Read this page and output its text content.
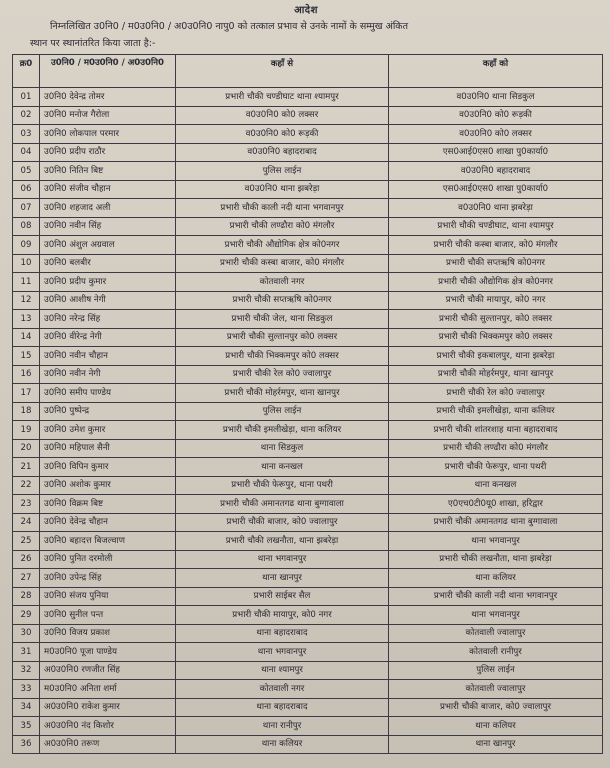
आदेश
निम्नलिखित उ0नि0 / म0उ0नि0 / अ0उ0नि0 नापु0 को तत्काल प्रभाव से उनके नामों के सम्मुख अंकित
स्थान पर स्थानांतरित किया जाता है:-
क्र0	उ0नि0 / म0उ0नि0 / अ0उ0नि0	कहाँ से	कहाँ को
01	उ0नि0 देवेन्द्र तोमर	प्रभारी चौकी चण्डीघाट थाना श्यामपुर	व0उ0नि0 थाना सिडकुल
02	उ0नि0 मनोज गैरोला	व0उ0नि0 को0 लक्सर	व0उ0नि0 को0 रूड़की
03	उ0नि0 लोकपाल परमार	व0उ0नि0 को0 रूड़की	व0उ0नि0 को0 लक्सर
04	उ0नि0 प्रदीप राठौर	व0उ0नि0 बहादराबाद	एस0आई0एस0 शाखा पु0कार्या0
05	उ0नि0 नितिन बिष्ट	पुलिस लाईन	व0उ0नि0 बहादराबाद
06	उ0नि0 संजीव चौहान	व0उ0नि0 थाना झबरेड़ा	एस0आई0एस0 शाखा पु0कार्या0
07	उ0नि0 शहजाद अली	प्रभारी चौकी काली नदी थाना भगवानपुर	व0उ0नि0 थाना झबरेड़ा
08	उ0नि0 नवीन सिंह	प्रभारी चौकी लण्ढौरा को0 मंगलौर	प्रभारी चौकी चण्डीघाट, थाना श्यामपुर
09	उ0नि0 अंशुल अग्रवाल	प्रभारी चौकी औद्योगिक क्षेत्र को0नगर	प्रभारी चौकी कस्बा बाजार, को0 मंगलौर
10	उ0नि0 बलबीर	प्रभारी चौकी कस्बा बाजार, को0 मंगलौर	प्रभारी चौकी सप्तऋषि को0नगर
11	उ0नि0 प्रदीप कुमार	कोतवाली नगर	प्रभारी चौकी औद्योगिक क्षेत्र को0नगर
12	उ0नि0 आशीष नेगी	प्रभारी चौकी सप्तऋषि को0नगर	प्रभारी चौकी मायापुर, को0 नगर
13	उ0नि0 नरेन्द्र सिंह	प्रभारी चौकी जेल, थाना सिडकुल	प्रभारी चौकी सुल्तानपुर, को0 लक्सर
14	उ0नि0 वीरेन्द्र नेगी	प्रभारी चौकी सुल्तानपुर को0 लक्सर	प्रभारी चौकी भिक्कमपुर को0 लक्सर
15	उ0नि0 नवीन चौहान	प्रभारी चौकी भिक्कमपुर को0 लक्सर	प्रभारी चौकी इकबालपुर, थाना झबरेड़ा
16	उ0नि0 नवीन नेगी	प्रभारी चौकी रेल को0 ज्वालापुर	प्रभारी चौकी मोहर्रमपुर, थाना खानपुर
17	उ0नि0 समीप पाण्डेय	प्रभारी चौकी मोहर्रमपुर, थाना खानपुर	प्रभारी चौकी रेल को0 ज्वालापुर
18	उ0नि0 पुष्पेन्द्र	पुलिस लाईन	प्रभारी चौकी इमलीखेड़ा, थाना कलियर
19	उ0नि0 उमेश कुमार	प्रभारी चौकी इमलीखेड़ा, थाना कलियर	प्रभारी चौकी शांतरशाह थाना बहादराबाद
20	उ0नि0 महिपाल सैनी	थाना सिडकुल	प्रभारी चौकी लण्ढौरा को0 मंगलौर
21	उ0नि0 विपिन कुमार	थाना कनखल	प्रभारी चौकी फेरूपुर, थाना पथरी
22	उ0नि0 अशोक कुमार	प्रभारी चौकी फेरूपुर, थाना पथरी	थाना कनखल
23	उ0नि0 विक्रम बिष्ट	प्रभारी चौकी अमानतगढ थाना बुग्गावाला	ए0एच0टी0यू0 शाखा, हरिद्वार
24	उ0नि0 देवेन्द्र चौहान	प्रभारी चौकी बाजार, को0 ज्वालापुर	प्रभारी चौकी अमानतगढ थाना बुग्गावाला
25	उ0नि0 बहादत्त बिजल्वाण	प्रभारी चौकी लखनौता, थाना झबरेड़ा	थाना भगवानपुर
26	उ0नि0 पुनित दरमोली	थाना भगवानपुर	प्रभारी चौकी लखनौता, थाना झबरेड़ा
27	उ0नि0 उपेन्द्र सिंह	थाना खानपुर	थाना कलियर
28	उ0नि0 संजय पुनिया	प्रभारी साईबर सैल	प्रभारी चौकी काली नदी थाना भगवानपुर
29	उ0नि0 सुनील पन्त	प्रभारी चौकी मायापुर, को0 नगर	थाना भगवानपुर
30	उ0नि0 विजय प्रकाश	थाना बहादराबाद	कोतवाली ज्वालापुर
31	म0उ0नि0 पूजा पाण्डेय	थाना भगवानपुर	कोतवाली रानीपुर
32	अ0उ0नि0 रणजीत सिंह	थाना श्यामपुर	पुलिस लाईन
33	म0उ0नि0 अनिता शर्मा	कोतवाली नगर	कोतवाली ज्वालापुर
34	अ0उ0नि0 राकेश कुमार	थाना बहादराबाद	प्रभारी चौकी बाजार, को0 ज्वालापुर
35	अ0उ0नि0 नंद किशोर	थाना रानीपुर	थाना कलियर
36	अ0उ0नि0 तरूण	थाना कलियर	थाना खानपुर
